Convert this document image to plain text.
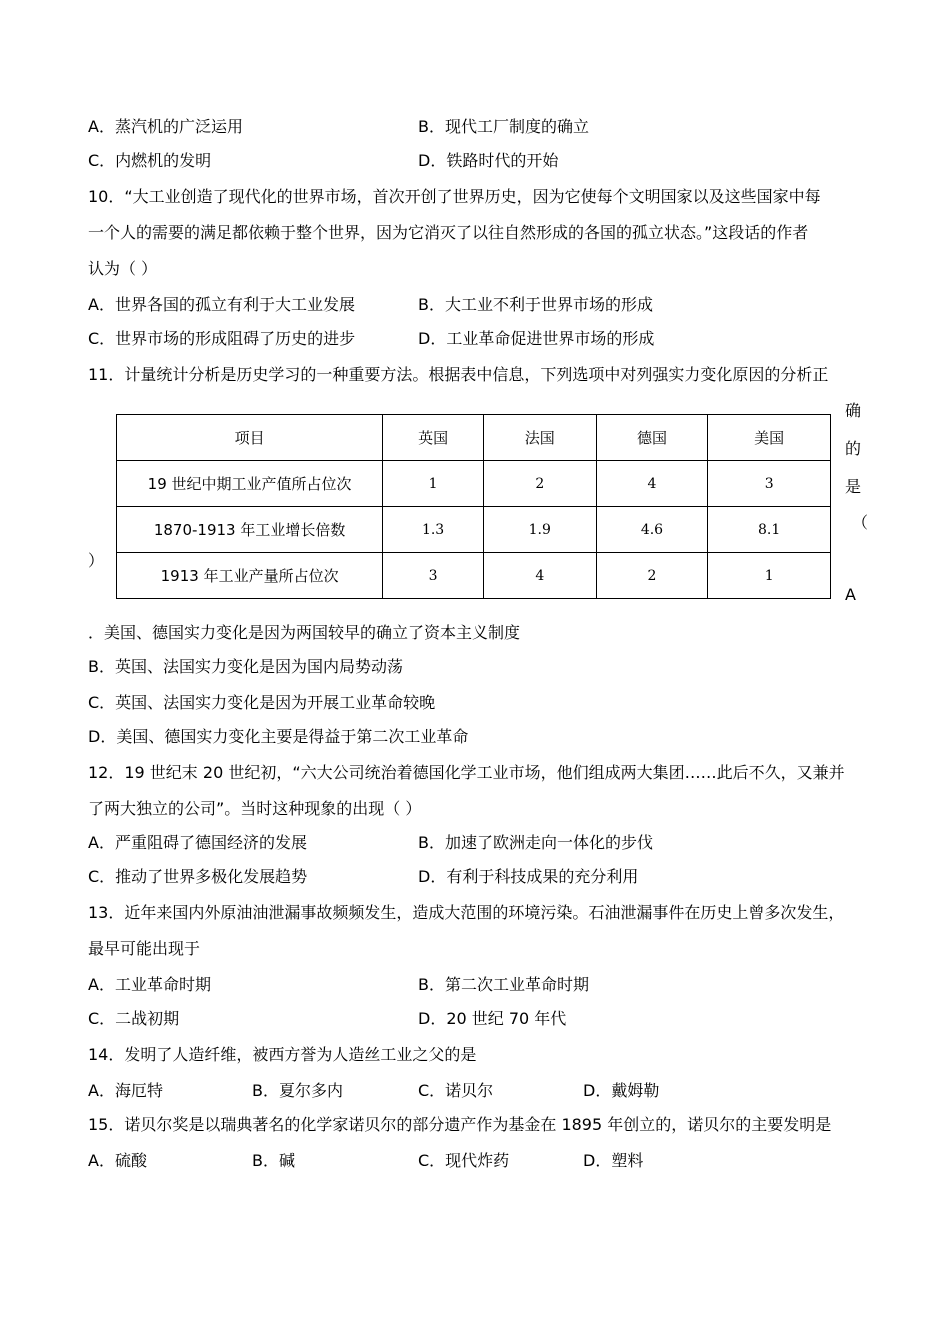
A．蒸汽机的广泛运用	B．现代工厂制度的确立
C．内燃机的发明	D．铁路时代的开始
10．“大工业创造了现代化的世界市场，首次开创了世界历史，因为它使每个文明国家以及这些国家中每
一个人的需要的满足都依赖于整个世界，因为它消灭了以往自然形成的各国的孤立状态。”这段话的作者
认为（ ）
A．世界各国的孤立有利于大工业发展	B．大工业不利于世界市场的形成
C．世界市场的形成阻碍了历史的进步	D．工业革命促进世界市场的形成
11．计量统计分析是历史学习的一种重要方法。根据表中信息，下列选项中对列强实力变化原因的分析正
确
的
是
（
A
）
项目	英国	法国	德国	美国
19 世纪中期工业产值所占位次	1	2	4	3
1870-1913 年工业增长倍数	1.3	1.9	4.6	8.1
1913 年工业产量所占位次	3	4	2	1
．美国、德国实力变化是因为两国较早的确立了资本主义制度
B．英国、法国实力变化是因为国内局势动荡
C．英国、法国实力变化是因为开展工业革命较晚
D．美国、德国实力变化主要是得益于第二次工业革命
12．19 世纪末 20 世纪初，“六大公司统治着德国化学工业市场，他们组成两大集团……此后不久，又兼并
了两大独立的公司”。当时这种现象的出现（ ）
A．严重阻碍了德国经济的发展	B．加速了欧洲走向一体化的步伐
C．推动了世界多极化发展趋势	D．有利于科技成果的充分利用
13．近年来国内外原油油泄漏事故频频发生，造成大范围的环境污染。石油泄漏事件在历史上曾多次发生，
最早可能出现于
A．工业革命时期	B．第二次工业革命时期
C．二战初期	D．20 世纪 70 年代
14．发明了人造纤维，被西方誉为人造丝工业之父的是
A．海厄特	B．夏尔多内	C．诺贝尔	D．戴姆勒
15．诺贝尔奖是以瑞典著名的化学家诺贝尔的部分遗产作为基金在 1895 年创立的，诺贝尔的主要发明是
A．硫酸	B．碱	C．现代炸药	D．塑料
